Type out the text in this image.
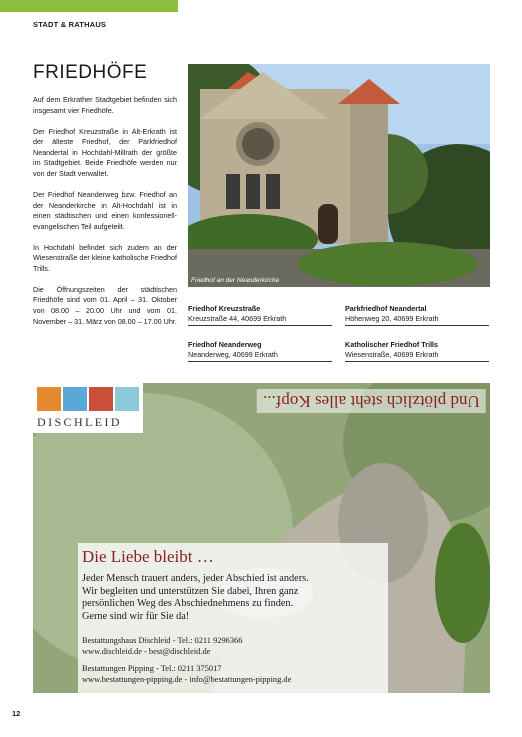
STADT & RATHAUS
FRIEDHÖFE

Auf dem Erkrather Stadtgebiet befinden sich insgesamt vier Friedhöfe.

Der Friedhof Kreuzstraße in Alt-Erkrath ist der älteste Friedhof, der Parkfriedhof Neandertal in Hochdahl-Millrath der größte im Stadtgebiet. Beide Friedhöfe werden nur von der Stadt verwaltet.

Der Friedhof Neanderweg bzw. Friedhof an der Neanderkirche in Alt-Hochdahl ist in einen städtischen und einen konfessionell-evangelischen Teil aufgeteilt.

In Hochdahl befindet sich zudem an der Wiesenstraße der kleine katholische Friedhof Trills.

Die Öffnungszeiten der städtischen Friedhöfe sind vom 01. April – 31. Oktober von 08.00 – 20.00 Uhr und vom 01. November – 31. März von 08.00 – 17.00 Uhr.

Friedhof an der Neanderkirche
Friedhof Kreuzstraße
Kreuzstraße 44, 40699 Erkrath
Parkfriedhof Neandertal
Höhenweg 20, 40699 Erkrath
Friedhof Neanderweg
Neanderweg, 40699 Erkrath
Katholischer Friedhof Trills
Wiesenstraße, 40699 Erkrath
Und plötzlich steht alles Kopf...
DISCHLEID
Die Liebe bleibt …
Jeder Mensch trauert anders, jeder Abschied ist anders.
Wir begleiten und unterstützen Sie dabei, Ihren ganz
persönlichen Weg des Abschiednehmens zu finden.
Gerne sind wir für Sie da!
Bestattungshaus Dischleid - Tel.: 0211 9296366
www.dischleid.de - best@dischleid.de
Bestattungen Pipping - Tel.: 0211 375017
www.bestattungen-pipping.de - info@bestattungen-pipping.de
12
